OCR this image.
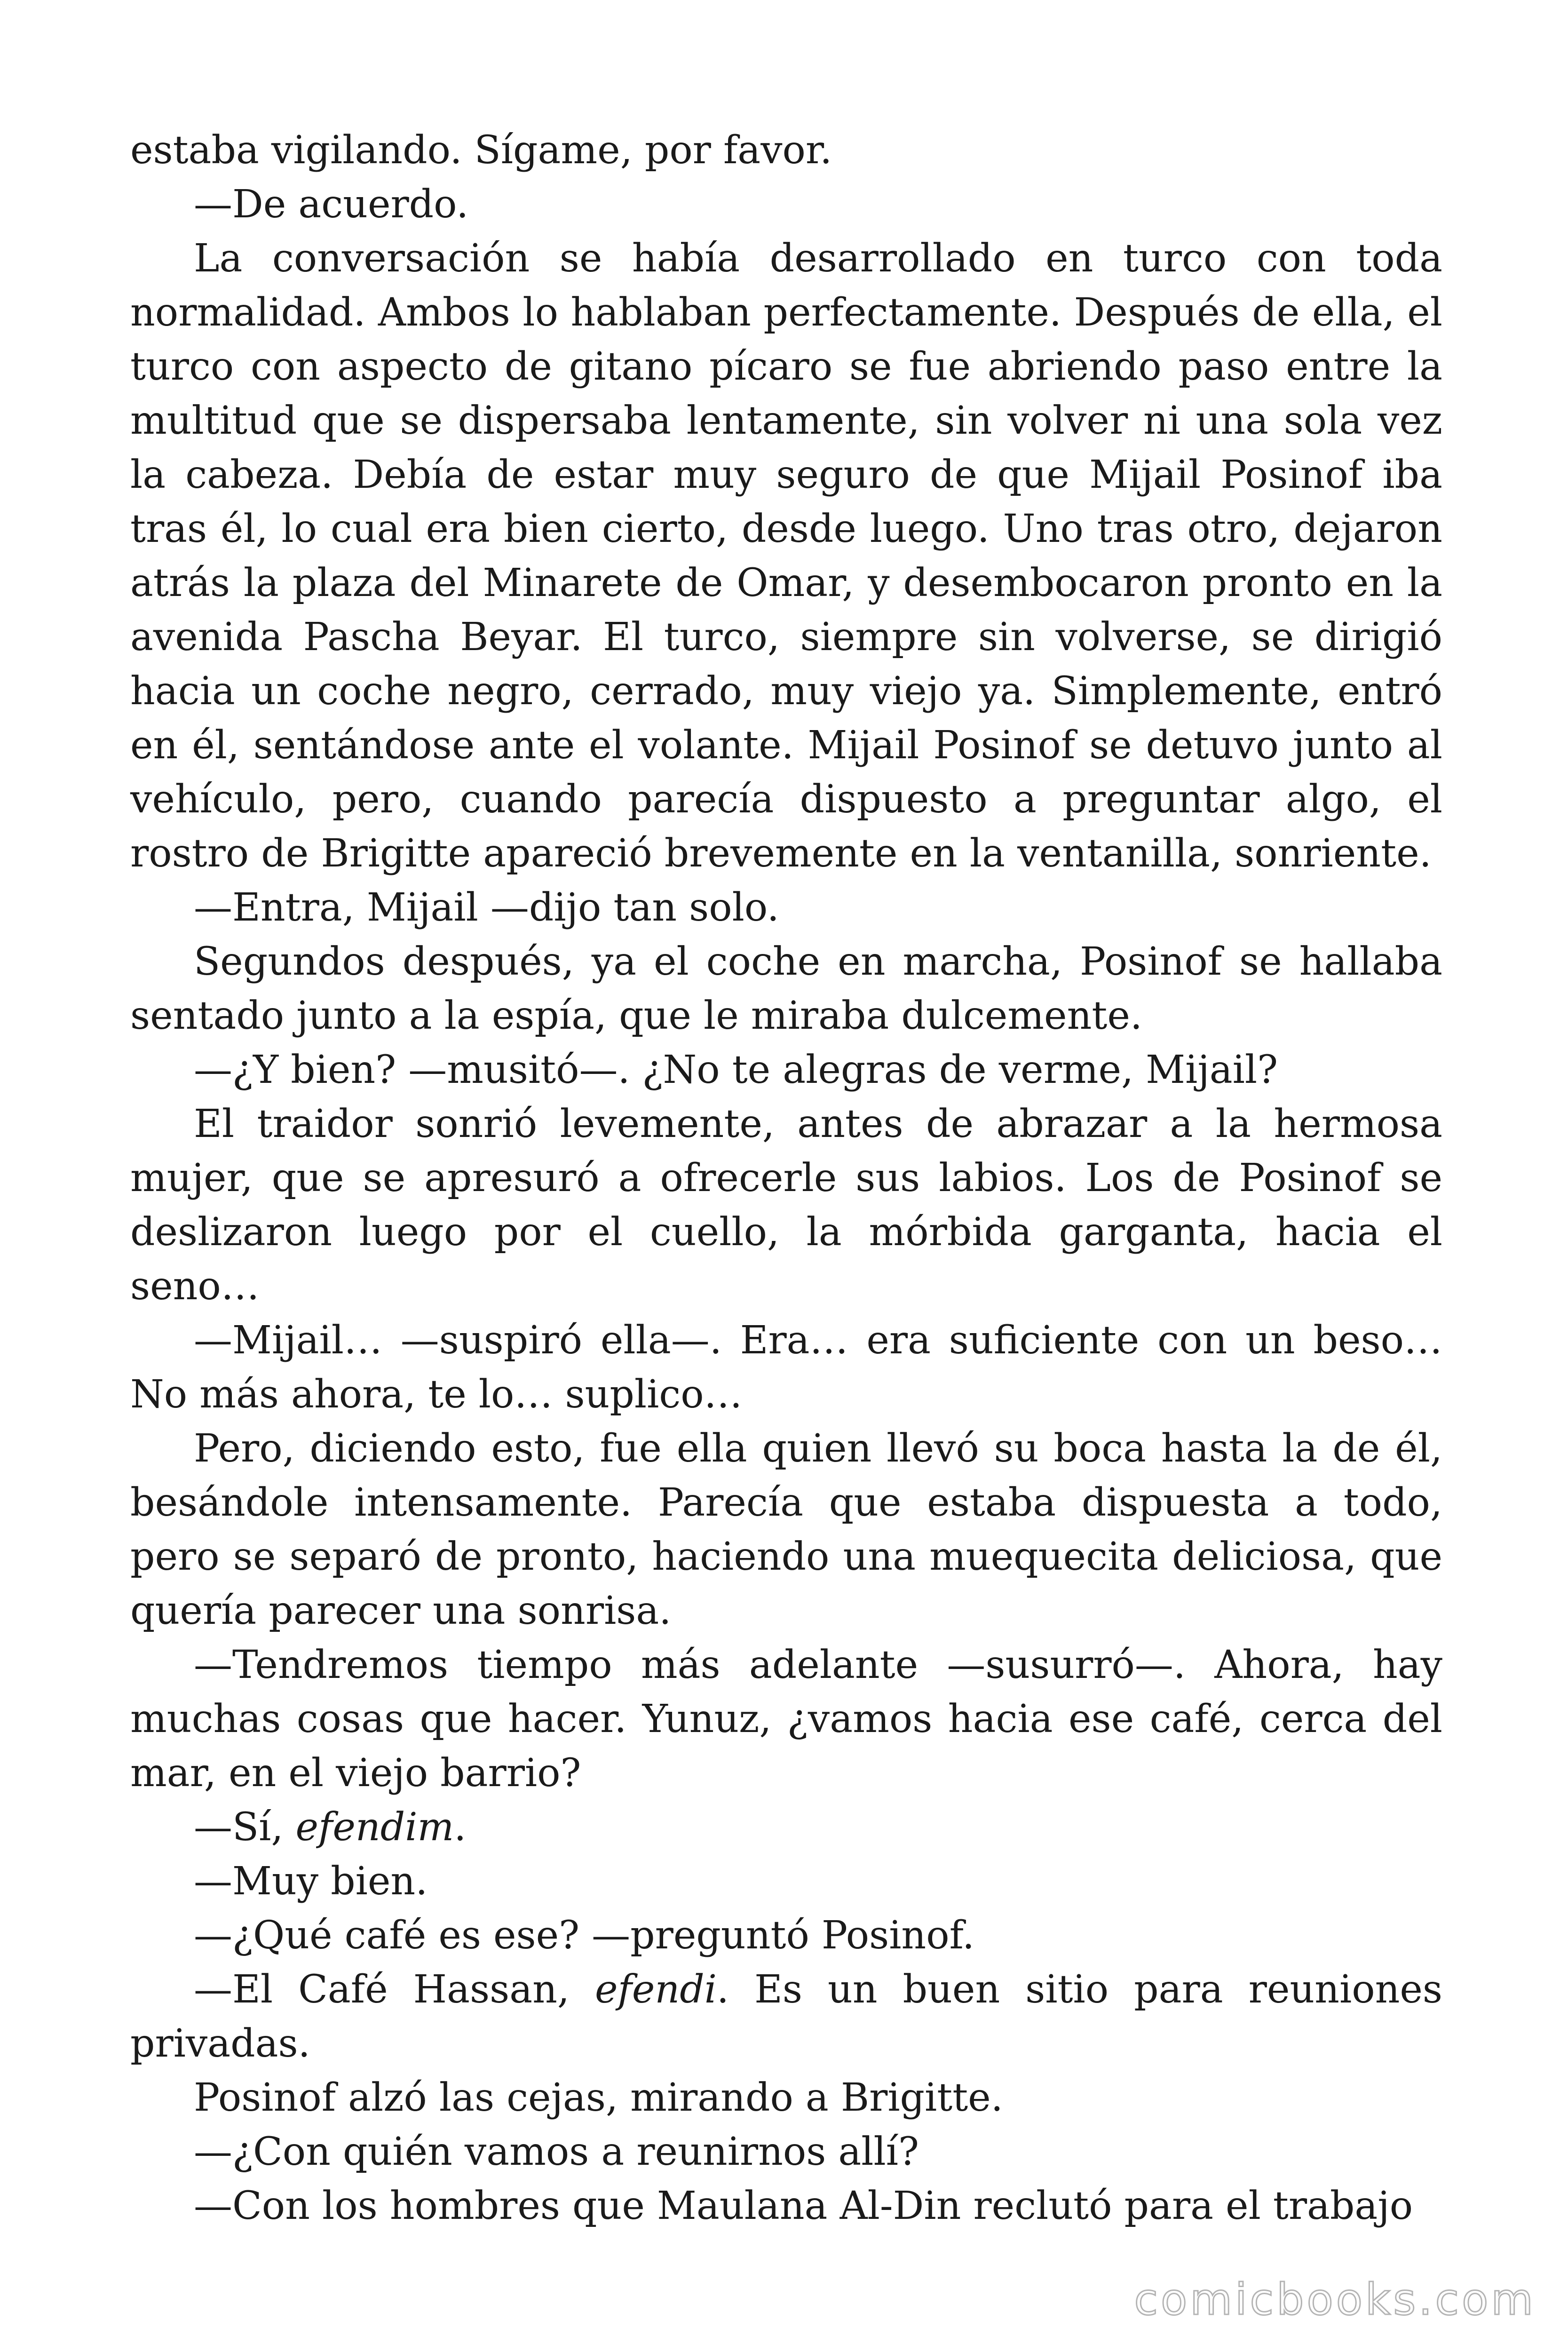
estaba vigilando. Sígame, por favor.

—De acuerdo.

La conversación se había desarrollado en turco con toda normalidad. Ambos lo hablaban perfectamente. Después de ella, el turco con aspecto de gitano pícaro se fue abriendo paso entre la multitud que se dispersaba lentamente, sin volver ni una sola vez la cabeza. Debía de estar muy seguro de que Mijail Posinof iba tras él, lo cual era bien cierto, desde luego. Uno tras otro, dejaron atrás la plaza del Minarete de Omar, y desembocaron pronto en la avenida Pascha Beyar. El turco, siempre sin volverse, se dirigió hacia un coche negro, cerrado, muy viejo ya. Simplemente, entró en él, sentándose ante el volante. Mijail Posinof se detuvo junto al vehículo, pero, cuando parecía dispuesto a preguntar algo, el rostro de Brigitte apareció brevemente en la ventanilla, sonriente.

—Entra, Mijail —dijo tan solo.

Segundos después, ya el coche en marcha, Posinof se hallaba sentado junto a la espía, que le miraba dulcemente.

—¿Y bien? —musitó—. ¿No te alegras de verme, Mijail?

El traidor sonrió levemente, antes de abrazar a la hermosa mujer, que se apresuró a ofrecerle sus labios. Los de Posinof se deslizaron luego por el cuello, la mórbida garganta, hacia el seno…

—Mijail… —suspiró ella—. Era… era suficiente con un beso… No más ahora, te lo… suplico…

Pero, diciendo esto, fue ella quien llevó su boca hasta la de él, besándole intensamente. Parecía que estaba dispuesta a todo, pero se separó de pronto, haciendo una muequecita deliciosa, que quería parecer una sonrisa.

—Tendremos tiempo más adelante —susurró—. Ahora, hay muchas cosas que hacer. Yunuz, ¿vamos hacia ese café, cerca del mar, en el viejo barrio?

—Sí, efendim.

—Muy bien.

—¿Qué café es ese? —preguntó Posinof.

—El Café Hassan, efendi. Es un buen sitio para reuniones privadas.

Posinof alzó las cejas, mirando a Brigitte.

—¿Con quién vamos a reunirnos allí?

—Con los hombres que Maulana Al-Din reclutó para el trabajo

comicbooks.com
